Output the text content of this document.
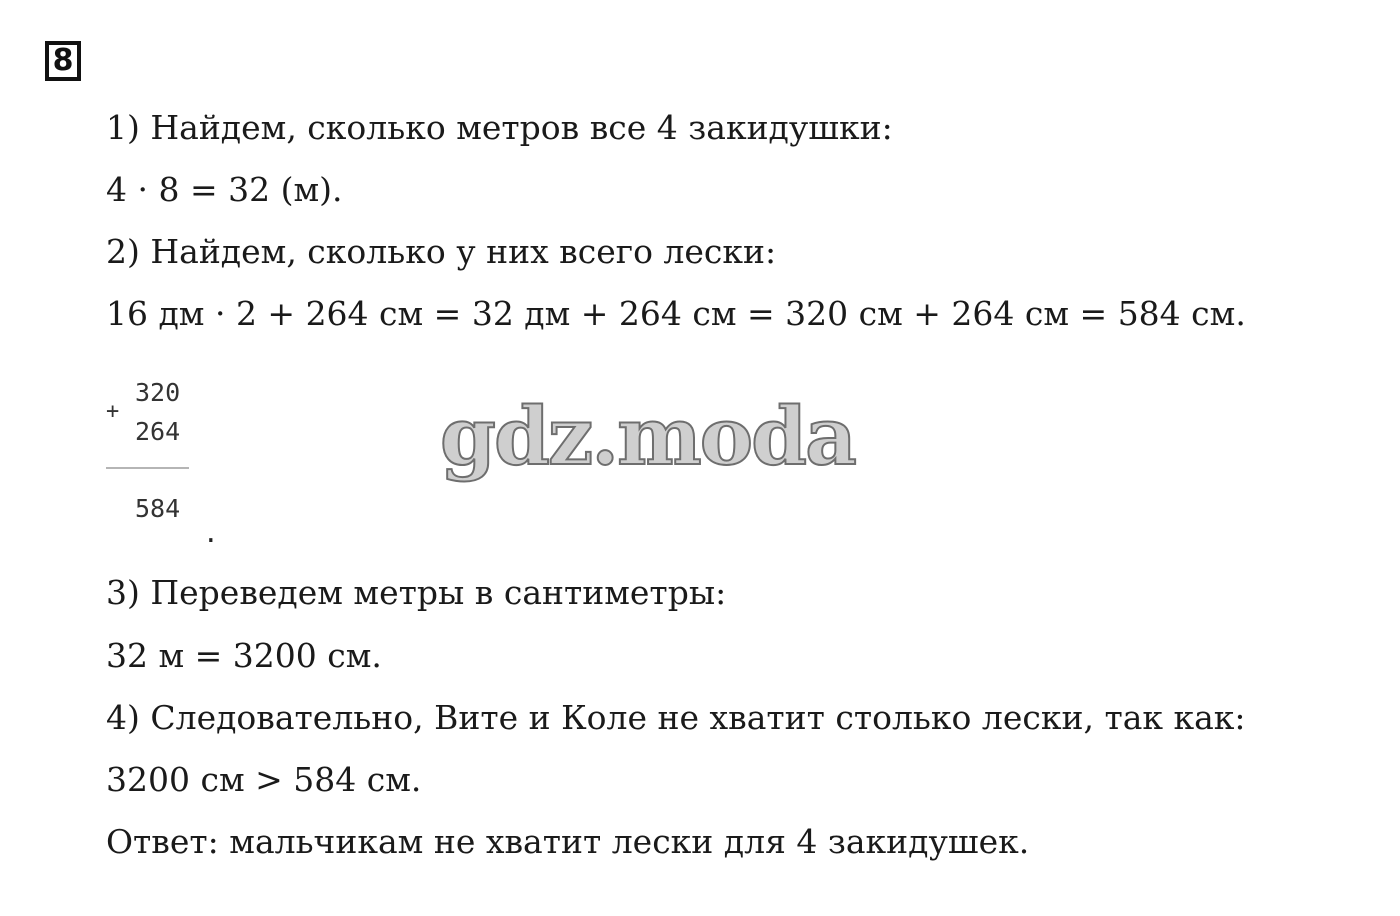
8
1) Найдем, сколько метров все 4 закидушки:
4 · 8 = 32 (м).
2) Найдем, сколько у них всего лески:
16 дм · 2 + 264 см = 32 дм + 264 см = 320 см + 264 см = 584 см.
+
320
264
584
.
gdz.moda
3) Переведем метры в сантиметры:
32 м = 3200 см.
4) Следовательно, Вите и Коле не хватит столько лески, так как:
3200 см > 584 см.
Ответ: мальчикам не хватит лески для 4 закидушек.
